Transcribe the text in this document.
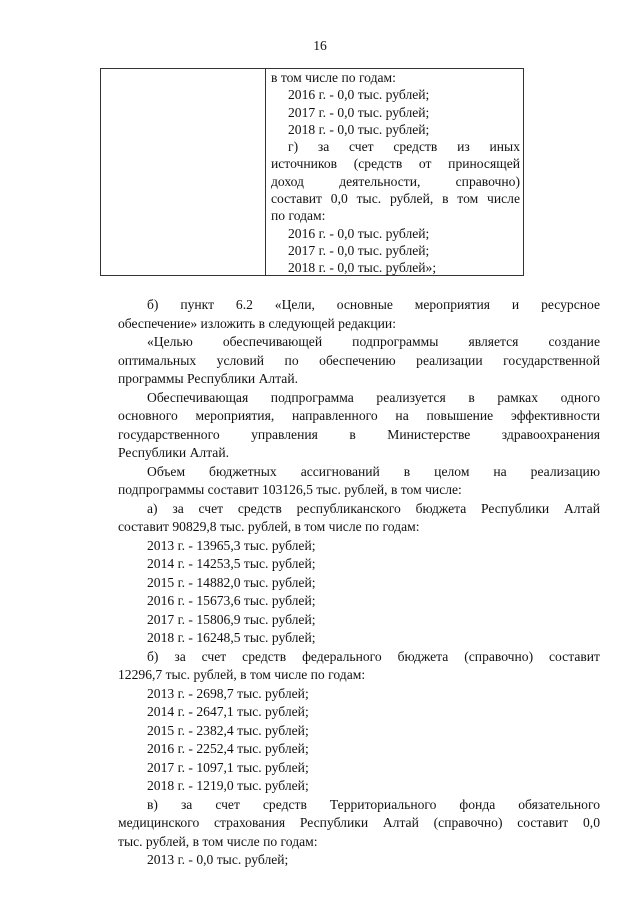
16
в том числе по годам:
2016 г. - 0,0 тыс. рублей;
2017 г. - 0,0 тыс. рублей;
2018 г. - 0,0 тыс. рублей;
г) за счет средств из иных
источников (средств от приносящей
доход деятельности, справочно)
составит 0,0 тыс. рублей, в том числе
по годам:
2016 г. - 0,0 тыс. рублей;
2017 г. - 0,0 тыс. рублей;
2018 г. - 0,0 тыс. рублей»;
б) пункт 6.2 «Цели, основные мероприятия и ресурсное
обеспечение» изложить в следующей редакции:
«Целью обеспечивающей подпрограммы является создание
оптимальных условий по обеспечению реализации государственной
программы Республики Алтай.
Обеспечивающая подпрограмма реализуется в рамках одного
основного мероприятия, направленного на повышение эффективности
государственного управления в Министерстве здравоохранения
Республики Алтай.
Объем бюджетных ассигнований в целом на реализацию
подпрограммы составит 103126,5 тыс. рублей, в том числе:
а) за счет средств республиканского бюджета Республики Алтай
составит 90829,8 тыс. рублей, в том числе по годам:
2013 г. - 13965,3 тыс. рублей;
2014 г. - 14253,5 тыс. рублей;
2015 г. - 14882,0 тыс. рублей;
2016 г. - 15673,6 тыс. рублей;
2017 г. - 15806,9 тыс. рублей;
2018 г. - 16248,5 тыс. рублей;
б) за счет средств федерального бюджета (справочно) составит
12296,7 тыс. рублей, в том числе по годам:
2013 г. - 2698,7 тыс. рублей;
2014 г. - 2647,1 тыс. рублей;
2015 г. - 2382,4 тыс. рублей;
2016 г. - 2252,4 тыс. рублей;
2017 г. - 1097,1 тыс. рублей;
2018 г. - 1219,0 тыс. рублей;
в) за счет средств Территориального фонда обязательного
медицинского страхования Республики Алтай (справочно) составит 0,0
тыс. рублей, в том числе по годам:
2013 г. - 0,0 тыс. рублей;
